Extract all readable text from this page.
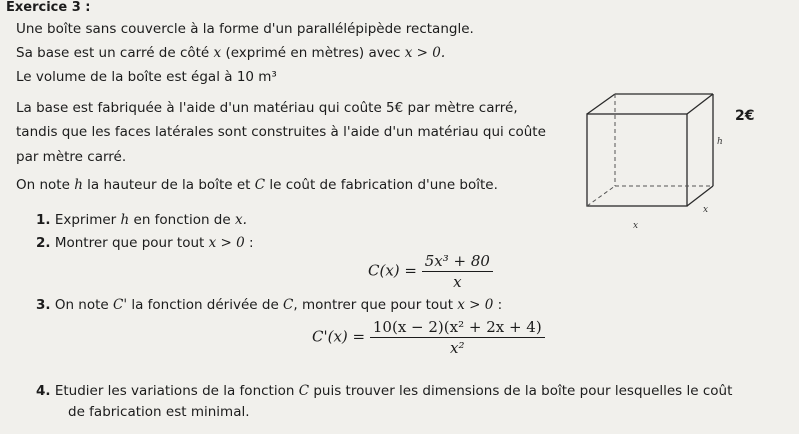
Exercice 3 :
Une boîte sans couvercle à la forme d'un parallélépipède rectangle.
Sa base est un carré de côté x (exprimé en mètres) avec x > 0.
Le volume de la boîte est égal à 10 m³
La base est fabriquée à l'aide d'un matériau qui coûte 5€ par mètre carré,
tandis que les faces latérales sont construites à l'aide d'un matériau qui coûte
par mètre carré.
On note h la hauteur de la boîte et C le coût de fabrication d'une boîte.
2€
h
x
x
1. Exprimer h en fonction de x.
2. Montrer que pour tout x > 0 :
$C(x) = \frac{\text{5x³ + 80}}{x}$
3. On note C' la fonction dérivée de C, montrer que pour tout x > 0 :
$C'(x) = \frac{\text{10(x − 2)(x² + 2x + 4)}}{\text{x²}}$
4. Etudier les variations de la fonction C puis trouver les dimensions de la boîte pour lesquelles le coût
de fabrication est minimal.
